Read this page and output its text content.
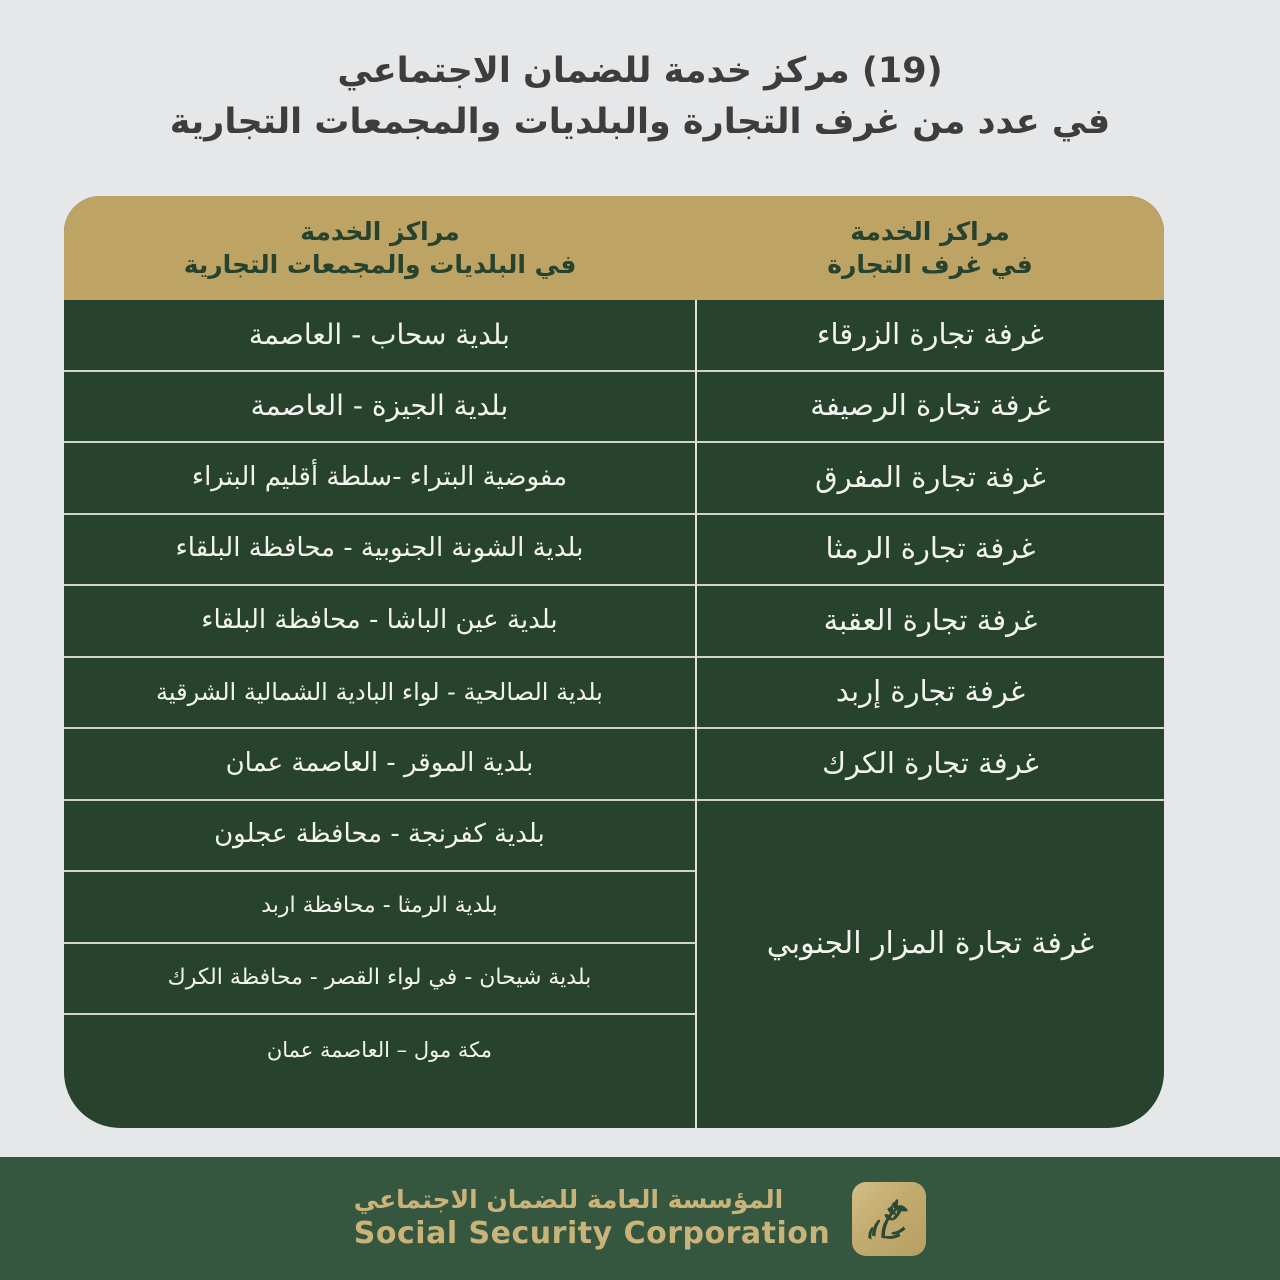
(19) مركز خدمة للضمان الاجتماعي
في عدد من غرف التجارة والبلديات والمجمعات التجارية
مراكز الخدمة
في البلديات والمجمعات التجارية
مراكز الخدمة
في غرف التجارة
غرفة تجارة الزرقاء
غرفة تجارة الرصيفة
غرفة تجارة المفرق
غرفة تجارة الرمثا
غرفة تجارة العقبة
غرفة تجارة إربد
غرفة تجارة الكرك
غرفة تجارة المزار الجنوبي
بلدية سحاب - العاصمة
بلدية الجيزة - العاصمة
مفوضية البتراء -سلطة أقليم البتراء
بلدية الشونة الجنوبية - محافظة البلقاء
بلدية عين الباشا - محافظة البلقاء
بلدية الصالحية - لواء البادية الشمالية الشرقية
بلدية الموقر - العاصمة عمان
بلدية كفرنجة - محافظة عجلون
بلدية الرمثا - محافظة اربد
بلدية شيحان - في لواء القصر - محافظة الكرك
مكة مول – العاصمة عمان
المؤسسة العامة للضمان الاجتماعي
Social Security Corporation
